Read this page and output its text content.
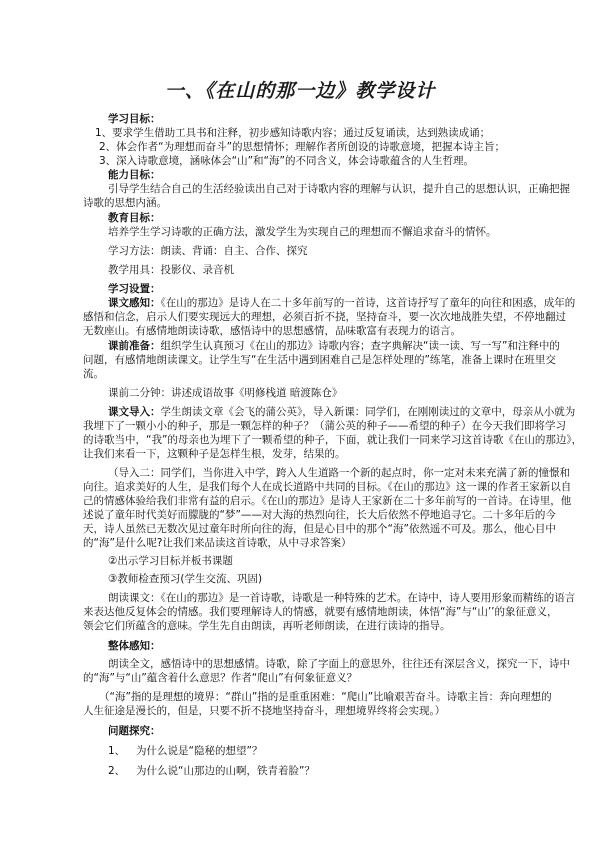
一、《在山的那一边》教学设计
学习目标：
1、要求学生借助工具书和注释，初步感知诗歌内容；通过反复诵读，达到熟读成诵；
2、体会作者“为理想而奋斗”的思想情怀；理解作者所创设的诗歌意境，把握本诗主旨；
3、深入诗歌意境，涵咏体会“山”和“海”的不同含义，体会诗歌蕴含的人生哲理。
能力目标：
引导学生结合自己的生活经验读出自己对于诗歌内容的理解与认识，提升自己的思想认识，正确把握
诗歌的思想内涵。
教育目标：
培养学生学习诗歌的正确方法，激发学生为实现自己的理想而不懈追求奋斗的情怀。
学习方法：朗读、背诵：自主、合作、探究
教学用具：投影仪、录音机
学习设置：
课文感知：《在山的那边》是诗人在二十多年前写的一首诗，这首诗抒写了童年的向往和困惑，成年的
感悟和信念，启示人们要实现远大的理想，必须百折不挠，坚持奋斗，要一次次地战胜失望，不停地翻过
无数座山。有感情地朗读诗歌，感悟诗中的思想感情，品味歌富有表现力的语言。
课前准备：组织学生认真预习《在山的那边》诗歌内容；查字典解决“读一读、写一写”和注释中的
问题，有感情地朗读课文。让学生写“在生活中遇到困难自己是怎样处理的”练笔，准备上课时在班里交
流。
课前二分钟：讲述成语故事《明修栈道 暗渡陈仓》
课文导入：学生朗读文章《会飞的蒲公英》，导入新课：同学们，在刚刚读过的文章中，母亲从小就为
我埋下了一颗小小的种子，那是一颗怎样的种子？（蒲公英的种子——希望的种子）在今天我们即将学习
的诗歌当中，“我”的母亲也为埋下了一颗希望的种子，下面，就让我们一同来学习这首诗歌《在山的那边》，
让我们来看一下，这颗种子是怎样生根，发芽，结果的。
（导入二：同学们，当你进入中学，跨入人生道路一个新的起点时，你一定对未来充满了新的憧憬和
向往。追求美好的人生，是我们每个人在成长道路中共同的目标。《在山的那边》这一课的作者王家新以自
己的情感体验给我们非常有益的启示。《在山的那边》是诗人王家新在二十多年前写的一首诗。在诗里，他
述说了童年时代美好而朦胧的“梦”——对大海的热烈向往，长大后依然不停地追寻它。二十多年后的今
天，诗人虽然已无数次见过童年时所向往的海，但是心目中的那个“海”依然遥不可及。那么，他心目中
的“海”是什么呢?让我们来品读这首诗歌，从中寻求答案）
②出示学习目标并板书课题
③教师检查预习(学生交流、巩固)
朗读课文：《在山的那边》是一首诗歌，诗歌是一种特殊的艺术。在诗中，诗人要用形象而精练的语言
来表达他反复体会的情感。我们要理解诗人的情感，就要有感情地朗读，体悟“海”与“山’’的象征意义，
领会它们所蕴含的意味。学生先自由朗读，再听老师朗读，在进行读诗的指导。
整体感知：
朗读全文，感悟诗中的思想感情。诗歌，除了字面上的意思外，往往还有深层含义，探究一下，诗中
的“海”与“山”蕴含着什么意思？作者“爬山”有何象征意义？
（“海”指的是理想的境界：“群山”指的是重重困难：“爬山”比喻艰苦奋斗。诗歌主旨：奔向理想的
人生征途是漫长的，但是，只要不折不挠地坚持奋斗，理想境界终将会实现。）
问题探究：
1、 为什么说是“隐秘的想望”？
2、 为什么说“山那边的山啊，铁青着脸”？
